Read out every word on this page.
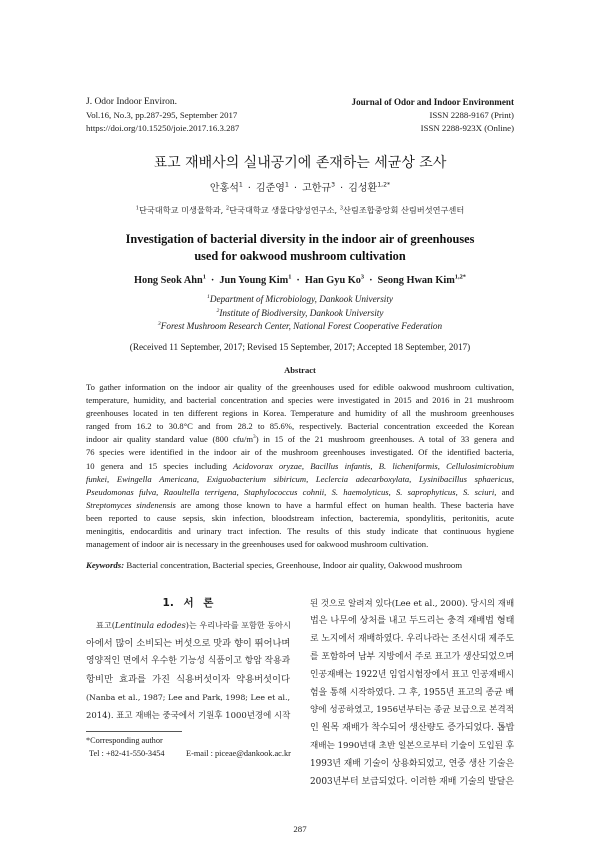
J. Odor Indoor Environ.
Vol.16, No.3, pp.287-295, September 2017
https://doi.org/10.15250/joie.2017.16.3.287
Journal of Odor and Indoor Environment
ISSN 2288-9167 (Print)
ISSN 2288-923X (Online)
표고 재배사의 실내공기에 존재하는 세균상 조사
안홍석$^1$ · 김준영$^1$ · 고한규$^3$ · 김성환$^{1,2*}$
$^1$단국대학교 미생물학과, $^2$단국대학교 생물다양성연구소, $^3$산림조합중앙회 산림버섯연구센터
Investigation of bacterial diversity in the indoor air of greenhouses
used for oakwood mushroom cultivation
Hong Seok Ahn$^1$ · Jun Young Kim$^1$ · Han Gyu $Ko^3$ · Seong Hwan Kim$^{1,2*}$
$^1$Department of Microbiology, Dankook University
$^2$Institute of Biodiversity, Dankook University
$^3$Forest Mushroom Research Center, National Forest Cooperative Federation
(Received 11 September, 2017; Revised 15 September, 2017; Accepted 18 September, 2017)
Abstract
To gather information on the indoor air quality of the greenhouses used for edible oakwood mushroom cultivation,
temperature, humidity, and bacterial concentration and species were investigated in 2015 and 2016 in 21 mushroom
greenhouses located in ten different regions in Korea. Temperature and humidity of all the mushroom greenhouses
ranged from 16.2 to 30.8°C and from 28.2 to 85.6%, respectively. Bacterial concentration exceeded the Korean
indoor air quality standard value (800 cfu/$m^3$) in 15 of the 21 mushroom greenhouses. A total of 33 genera and
76 species were identified in the indoor air of the mushroom greenhouses investigated. Of the identified bacteria,
10 genera and 15 species including Acidovorax oryzae, Bacillus infantis, B. licheniformis, Cellulosimicrobium
funkei, Ewingella Americana, Exiguobacterium sibiricum, Leclercia adecarboxylata, Lysinibacillus sphaericus,
Pseudomonas fulva, Raoultella terrigena, Staphylococcus cohnii, S. haemolyticus, S. saprophyticus, S. sciuri, and
Streptomyces sindenensis are among those known to have a harmful effect on human health. These bacteria have
been reported to cause sepsis, skin infection, bloodstream infection, bacteremia, spondylitis, peritonitis, acute
meningitis, endocarditis and urinary tract infection. The results of this study indicate that continuous hygiene
management of indoor air is necessary in the greenhouses used for oakwood mushroom cultivation.
Keywords: Bacterial concentration, Bacterial species, Greenhouse, Indoor air quality, Oakwood mushroom
1. 서 론
표고(Lentinula edodes)는 우리나라를 포함한 동아시
아에서 많이 소비되는 버섯으로 맛과 향이 뛰어나며
영양적인 면에서 우수한 기능성 식품이고 항암 작용과
항비만 효과를 가진 식용버섯이자 약용버섯이다
(Nanba et al., 1987; Lee and Park, 1998; Lee et al.,
2014). 표고 재배는 중국에서 기원후 1000년경에 시작
된 것으로 알려져 있다(Lee et al., 2000). 당시의 재배
법은 나무에 상처를 내고 두드리는 충격 재배법 형태
로 노지에서 재배하였다. 우리나라는 조선시대 제주도
를 포함하여 남부 지방에서 주로 표고가 생산되었으며
인공재배는 1922년 임업시험장에서 표고 인공재배시
험을 통해 시작하였다. 그 후, 1955년 표고의 종균 배
양에 성공하였고, 1956년부터는 종균 보급으로 본격적
인 원목 재배가 착수되어 생산량도 증가되었다. 톱밥
재배는 1990년대 초반 일본으로부터 기술이 도입된 후
1993년 재배 기술이 상용화되었고, 연중 생산 기술은
2003년부터 보급되었다. 이러한 재배 기술의 발달은
*Corresponding author
Tel : +82-41-550-3454	E-mail : piceae@dankook.ac.kr
287
